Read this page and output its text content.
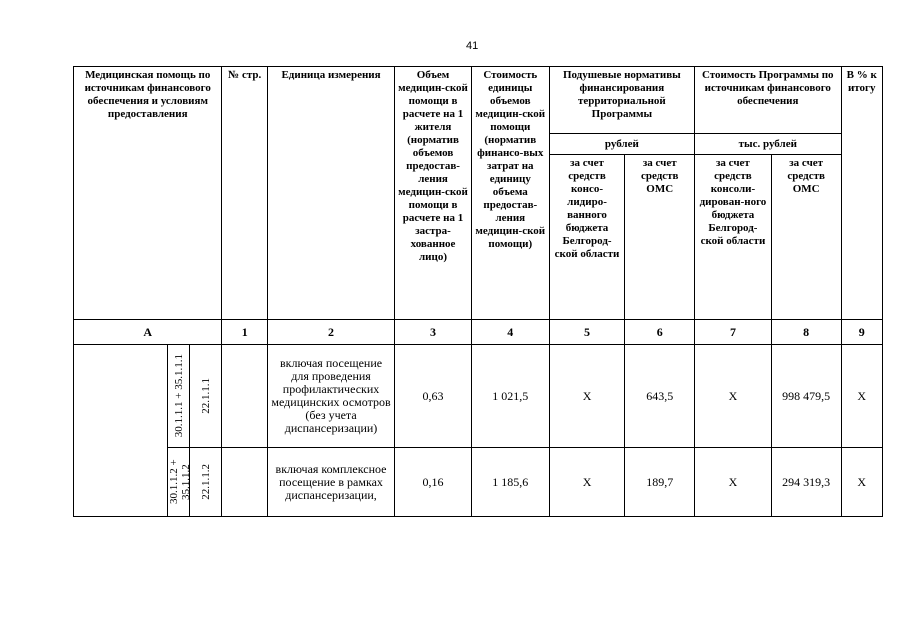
41
Медицинская помощь по источникам финансового обеспечения и условиям предоставления			№ стр.	Единица измерения	Объем медицин-ской помощи в расчете на 1 жителя (норматив объемов предостав-ления медицин-ской помощи в расчете на 1 застра-хованное лицо)	Стоимость единицы объемов медицин-ской помощи (норматив финансо-вых затрат на единицу объема предостав-ления медицин-ской помощи)	Подушевые нормативы финансирования территориальной Программы		Стоимость Программы по источникам финансового обеспечения		В % к итогу
							рублей		тыс. рублей		
							за счет средств консо-лидиро-ванного бюджета Белгород-ской области	за счет средств ОМС	за счет средств консоли-дирован-ного бюджета Белгород-ской области	за счет средств ОМС	
А			1	2	3	4	5	6	7	8	9

	30.1.1.1 + 35.1.1.1	22.1.1.1		включая посещение для проведения профилактических медицинских осмотров (без учета диспансеризации)	0,63	1 021,5	Х	643,5	Х	998 479,5	Х

	30.1.1.2 + 35.1.1.2	22.1.1.2		включая комплексное посещение в рамках диспансеризации,	0,16	1 185,6	Х	189,7	Х	294 319,3	Х
